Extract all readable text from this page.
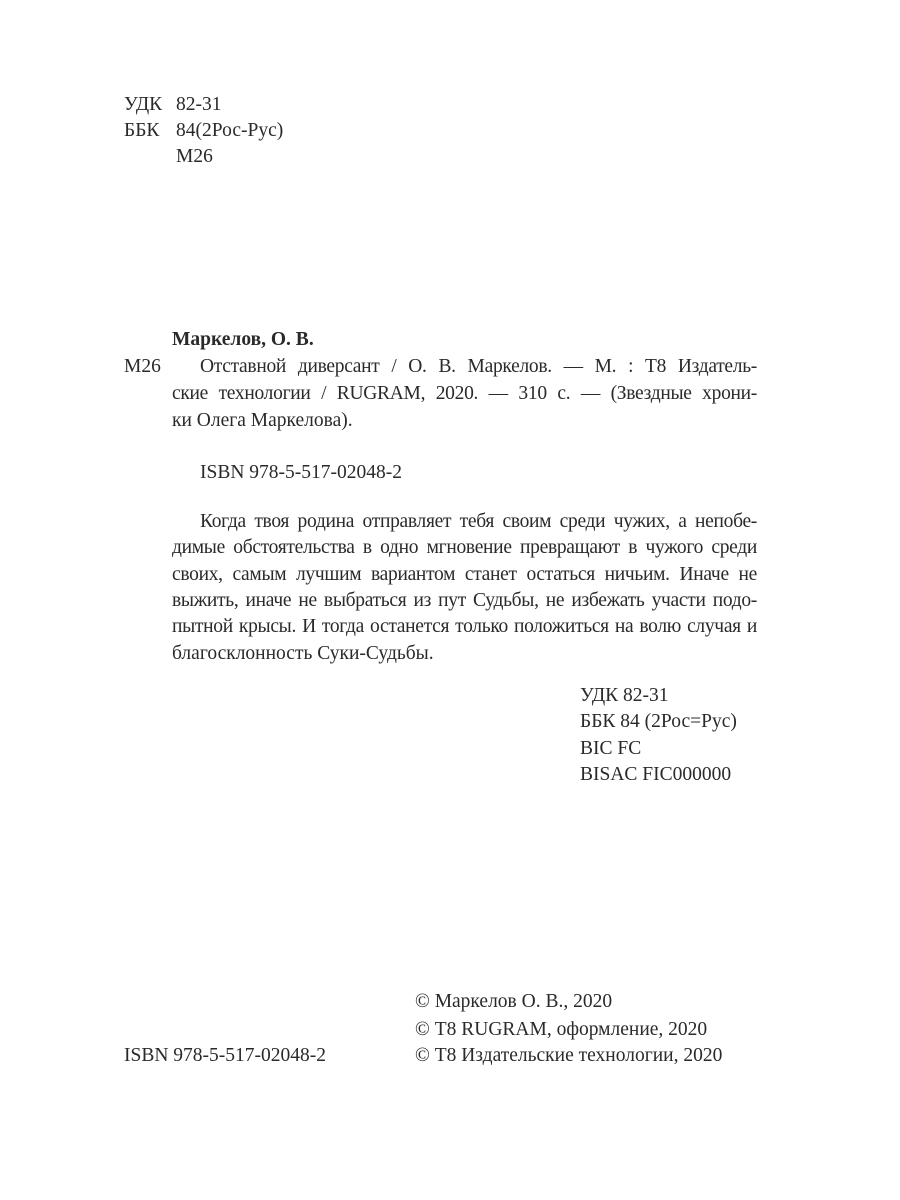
УДК 82-31
ББК 84(2Рос-Рус)
М26
Маркелов, О. В.
М26 Отставной диверсант / О. В. Маркелов. — М. : Т8 Издатель-
ские технологии / RUGRAM, 2020. — 310 с. — (Звездные хрони-
ки Олега Маркелова).
ISBN 978-5-517-02048-2
Когда твоя родина отправляет тебя своим среди чужих, а непобе-
димые обстоятельства в одно мгновение превращают в чужого среди
своих, самым лучшим вариантом станет остаться ничьим. Иначе не
выжить, иначе не выбраться из пут Судьбы, не избежать участи подо-
пытной крысы. И тогда останется только положиться на волю случая и
благосклонность Суки-Судьбы.
УДК 82-31
ББК 84 (2Рос=Рус)
BIC FC
BISAC FIC000000
© Маркелов О. В., 2020
© Т8 RUGRAM, оформление, 2020
© Т8 Издательские технологии, 2020
ISBN 978-5-517-02048-2
